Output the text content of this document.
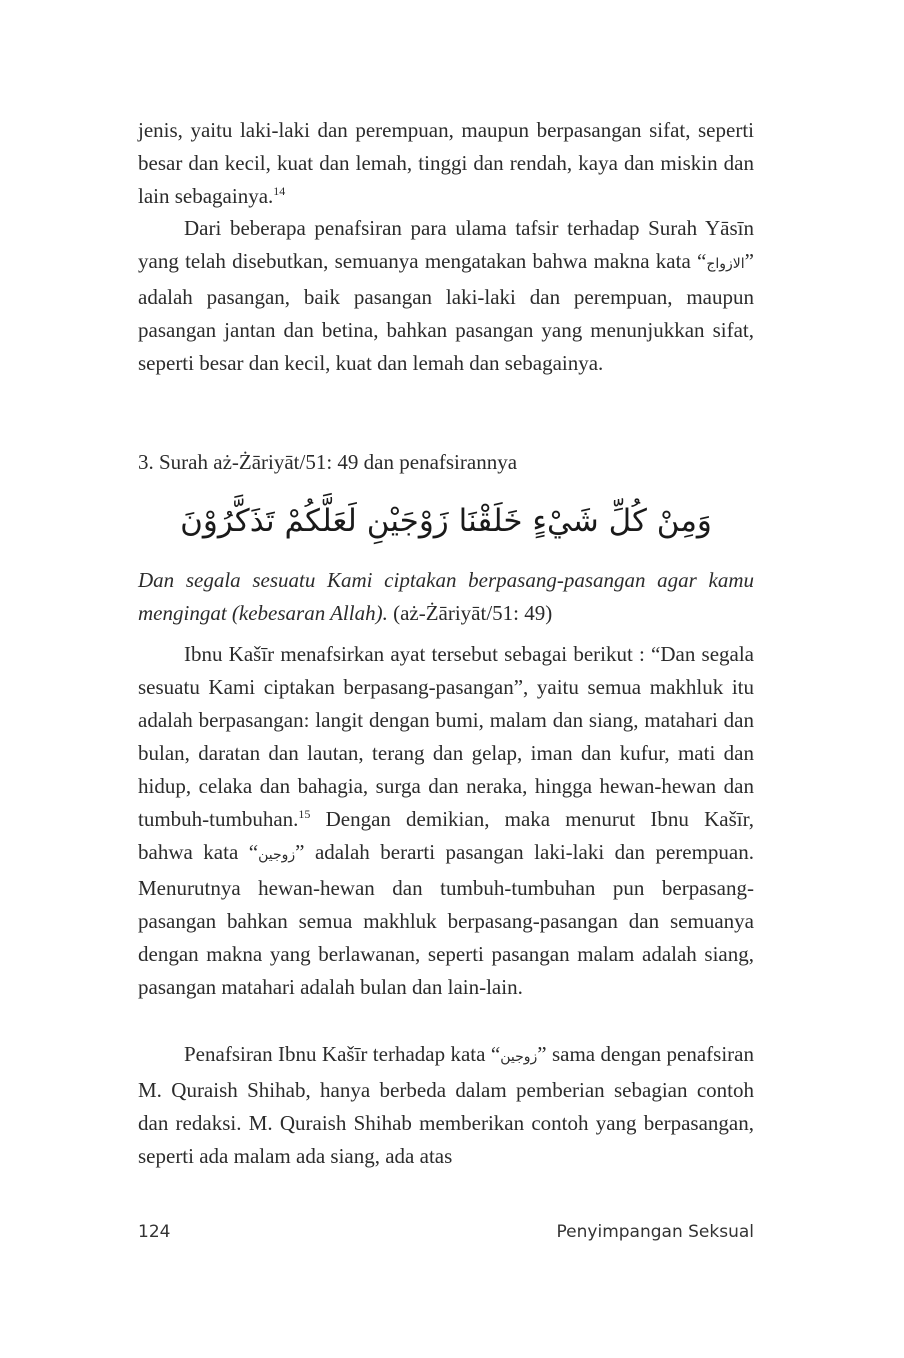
jenis, yaitu laki-laki dan perempuan, maupun berpasangan sifat, seperti besar dan kecil, kuat dan lemah, tinggi dan rendah, kaya dan miskin dan lain sebagainya.$^{14}$

Dari beberapa penafsiran para ulama tafsir terhadap Surah Yāsīn yang telah disebutkan, semuanya mengatakan bahwa makna kata “الازواج” adalah pasangan, baik pasangan laki-laki dan perempuan, maupun pasangan jantan dan betina, bahkan pasangan yang menunjukkan sifat, seperti besar dan kecil, kuat dan lemah dan sebagainya.

3. Surah aż-Żāriyāt/51: 49 dan penafsirannya
وَمِنْ كُلِّ شَيْءٍ خَلَقْنَا زَوْجَيْنِ لَعَلَّكُمْ تَذَكَّرُوْنَ

Dan segala sesuatu Kami ciptakan berpasang-pasangan agar kamu mengingat (kebesaran Allah). (aż-Żāriyāt/51: 49)

Ibnu Kašīr menafsirkan ayat tersebut sebagai berikut : “Dan segala sesuatu Kami ciptakan berpasang-pasangan”, yaitu semua makhluk itu adalah berpasangan: langit dengan bumi, malam dan siang, matahari dan bulan, daratan dan lautan, terang dan gelap, iman dan kufur, mati dan hidup, celaka dan bahagia, surga dan neraka, hingga hewan-hewan dan tumbuh-tumbuhan.$^{15}$ Dengan demikian, maka menurut Ibnu Kašīr, bahwa kata “زوجين” adalah berarti pasangan laki-laki dan perempuan. Menurutnya hewan-hewan dan tumbuh-tumbuhan pun berpasang-pasangan bahkan semua makhluk berpasang-pasangan dan semuanya dengan makna yang berlawanan, seperti pasangan malam adalah siang, pasangan matahari adalah bulan dan lain-lain.

Penafsiran Ibnu Kašīr terhadap kata “زوجين” sama dengan penafsiran M. Quraish Shihab, hanya berbeda dalam pemberian sebagian contoh dan redaksi. M. Quraish Shihab memberikan contoh yang berpasangan, seperti ada malam ada siang, ada atas

124	Penyimpangan Seksual
